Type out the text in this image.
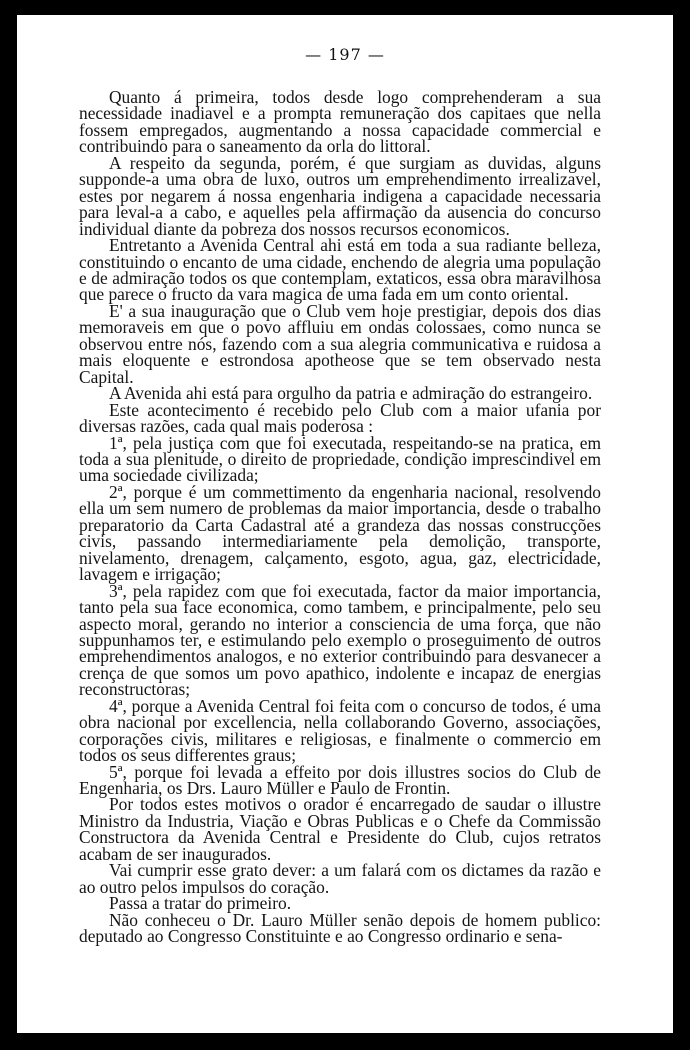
— 197 —

Quanto á primeira, todos desde logo comprehenderam a sua necessidade inadiavel e a prompta remuneração dos capitaes que nella fossem empregados, augmentando a nossa capacidade commercial e contribuindo para o saneamento da orla do littoral.

A respeito da segunda, porém, é que surgiam as duvidas, alguns supponde-a uma obra de luxo, outros um emprehendimento irrealizavel, estes por negarem á nossa engenharia indigena a capacidade necessaria para leval-a a cabo, e aquelles pela affirmação da ausencia do concurso individual diante da pobreza dos nossos recursos economicos.

Entretanto a Avenida Central ahi está em toda a sua radiante belleza, constituindo o encanto de uma cidade, enchendo de alegria uma população e de admiração todos os que contemplam, extaticos, essa obra maravilhosa que parece o fructo da vara magica de uma fada em um conto oriental.

E' a sua inauguração que o Club vem hoje prestigiar, depois dos dias memoraveis em que o povo affluiu em ondas colossaes, como nunca se observou entre nós, fazendo com a sua alegria communicativa e ruidosa a mais eloquente e estrondosa apotheose que se tem observado nesta Capital.

A Avenida ahi está para orgulho da patria e admiração do estrangeiro.

Este acontecimento é recebido pelo Club com a maior ufania por diversas razões, cada qual mais poderosa :

1ª, pela justiça com que foi executada, respeitando-se na pratica, em toda a sua plenitude, o direito de propriedade, condição imprescindivel em uma sociedade civilizada;

2ª, porque é um commettimento da engenharia nacional, resolvendo ella um sem numero de problemas da maior importancia, desde o trabalho preparatorio da Carta Cadastral até a grandeza das nossas construcções civis, passando intermediariamente pela demolição, transporte, nivelamento, drenagem, calçamento, esgoto, agua, gaz, electricidade, lavagem e irrigação;

3ª, pela rapidez com que foi executada, factor da maior importancia, tanto pela sua face economica, como tambem, e principalmente, pelo seu aspecto moral, gerando no interior a consciencia de uma força, que não suppunhamos ter, e estimulando pelo exemplo o proseguimento de outros emprehendimentos analogos, e no exterior contribuindo para desvanecer a crença de que somos um povo apathico, indolente e incapaz de energias reconstructoras;

4ª, porque a Avenida Central foi feita com o concurso de todos, é uma obra nacional por excellencia, nella collaborando Governo, associações, corporações civis, militares e religiosas, e finalmente o commercio em todos os seus differentes graus;

5ª, porque foi levada a effeito por dois illustres socios do Club de Engenharia, os Drs. Lauro Müller e Paulo de Frontin.

Por todos estes motivos o orador é encarregado de saudar o illustre Ministro da Industria, Viação e Obras Publicas e o Chefe da Commissão Constructora da Avenida Central e Presidente do Club, cujos retratos acabam de ser inaugurados.

Vai cumprir esse grato dever: a um falará com os dictames da razão e ao outro pelos impulsos do coração.

Passa a tratar do primeiro.

Não conheceu o Dr. Lauro Müller senão depois de homem publico: deputado ao Congresso Constituinte e ao Congresso ordinario e sena-
